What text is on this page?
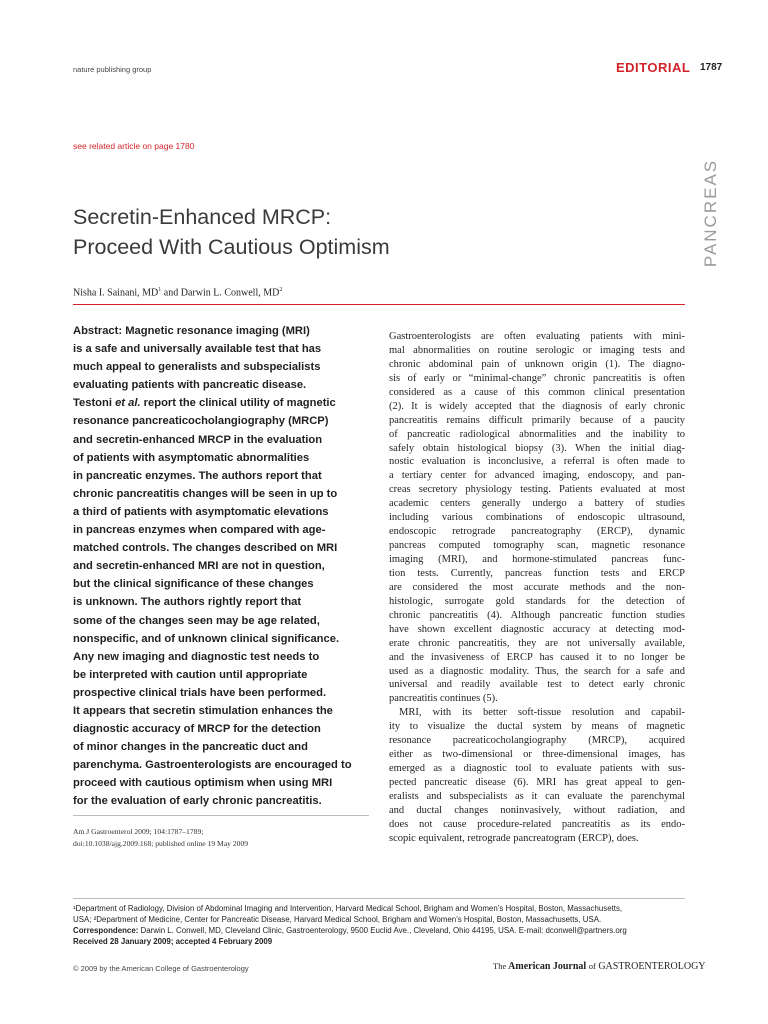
nature publishing group	EDITORIAL 1787
see related article on page 1780
PANCREAS
Secretin-Enhanced MRCP:
Proceed With Cautious Optimism
Nisha I. Sainani, $MD^1$ and Darwin L. Conwell, $MD^2$
Abstract: Magnetic resonance imaging (MRI)
is a safe and universally available test that has
much appeal to generalists and subspecialists
evaluating patients with pancreatic disease.
Testoni et al. report the clinical utility of magnetic
resonance pancreaticocholangiography (MRCP)
and secretin-enhanced MRCP in the evaluation
of patients with asymptomatic abnormalities
in pancreatic enzymes. The authors report that
chronic pancreatitis changes will be seen in up to
a third of patients with asymptomatic elevations
in pancreas enzymes when compared with age-
matched controls. The changes described on MRI
and secretin-enhanced MRI are not in question,
but the clinical significance of these changes
is unknown. The authors rightly report that
some of the changes seen may be age related,
nonspecific, and of unknown clinical significance.
Any new imaging and diagnostic test needs to
be interpreted with caution until appropriate
prospective clinical trials have been performed.
It appears that secretin stimulation enhances the
diagnostic accuracy of MRCP for the detection
of minor changes in the pancreatic duct and
parenchyma. Gastroenterologists are encouraged to
proceed with cautious optimism when using MRI
for the evaluation of early chronic pancreatitis.
Am J Gastroenterol 2009; 104:1787–1789;
doi:10.1038/ajg.2009.168; published online 19 May 2009
Gastroenterologists are often evaluating patients with mini-
mal abnormalities on routine serologic or imaging tests and
chronic abdominal pain of unknown origin (1). The diagno-
sis of early or “minimal-change” chronic pancreatitis is often
considered as a cause of this common clinical presentation
(2). It is widely accepted that the diagnosis of early chronic
pancreatitis remains difficult primarily because of a paucity
of pancreatic radiological abnormalities and the inability to
safely obtain histological biopsy (3). When the initial diag-
nostic evaluation is inconclusive, a referral is often made to
a tertiary center for advanced imaging, endoscopy, and pan-
creas secretory physiology testing. Patients evaluated at most
academic centers generally undergo a battery of studies
including various combinations of endoscopic ultrasound,
endoscopic retrograde pancreatography (ERCP), dynamic
pancreas computed tomography scan, magnetic resonance
imaging (MRI), and hormone-stimulated pancreas func-
tion tests. Currently, pancreas function tests and ERCP
are considered the most accurate methods and the non-
histologic, surrogate gold standards for the detection of
chronic pancreatitis (4). Although pancreatic function studies
have shown excellent diagnostic accuracy at detecting mod-
erate chronic pancreatitis, they are not universally available,
and the invasiveness of ERCP has caused it to no longer be
used as a diagnostic modality. Thus, the search for a safe and
universal and readily available test to detect early chronic
pancreatitis continues (5).
MRI, with its better soft-tissue resolution and capabil-
ity to visualize the ductal system by means of magnetic
resonance pacreaticocholangiography (MRCP), acquired
either as two-dimensional or three-dimensional images, has
emerged as a diagnostic tool to evaluate patients with sus-
pected pancreatic disease (6). MRI has great appeal to gen-
eralists and subspecialists as it can evaluate the parenchymal
and ductal changes noninvasively, without radiation, and
does not cause procedure-related pancreatitis as its endo-
scopic equivalent, retrograde pancreatogram (ERCP), does.
¹Department of Radiology, Division of Abdominal Imaging and Intervention, Harvard Medical School, Brigham and Women’s Hospital, Boston, Massachusetts,
USA; ²Department of Medicine, Center for Pancreatic Disease, Harvard Medical School, Brigham and Women’s Hospital, Boston, Massachusetts, USA.
Correspondence: Darwin L. Conwell, MD, Cleveland Clinic, Gastroenterology, 9500 Euclid Ave., Cleveland, Ohio 44195, USA. E-mail: dconwell@partners.org
Received 28 January 2009; accepted 4 February 2009
© 2009 by the American College of Gastroenterology	The American Journal of GASTROENTEROLOGY
